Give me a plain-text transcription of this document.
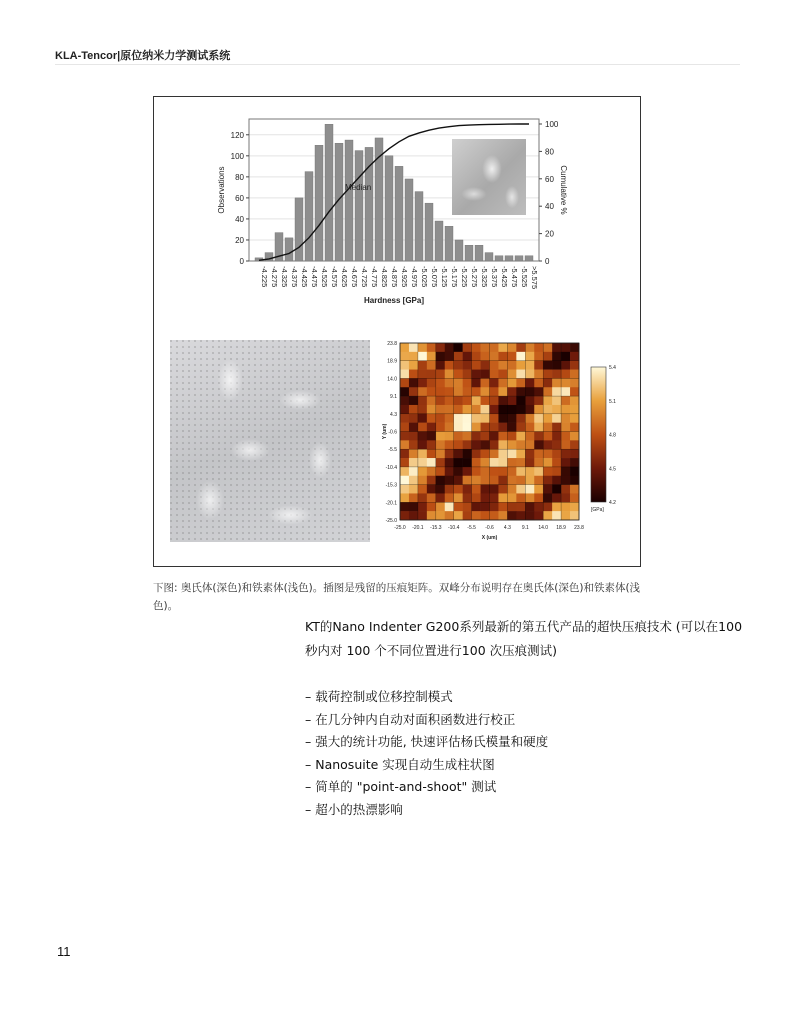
KLA-Tencor|原位纳米力学测试系统
0
20
40
60
80
100
120
0
20
40
60
80
100
-4.225 -4.275 -4.325 -4.375 -4.425 -4.475 -4.525 -4.575 -4.625 -4.675 -4.725 -4.775 -4.825 -4.875 -4.925 -4.975 -5.025 -5.075 -5.125 -5.175 -5.225 -5.275 -5.325 -5.375 -5.425 -5.475 -5.525 >5.575
Hardness [GPa]
Observations	Cumulative %
Median
-25.0 -20.1 -15.3 -10.4 -5.5 -0.6 4.3 9.1 14.0 18.9 23.8
23.8
18.9
14.0
9.1
4.3
-0.6
-5.5
-10.4
-15.3
-20.1
-25.0
X (um)
Y (um)
5.4
5.1
4.8
4.5
4.2
[GPa]
下图: 奥氏体(深色)和铁素体(浅色)。插图是残留的压痕矩阵。双峰分布说明存在奥氏体(深色)和铁素体(浅色)。
KT的Nano Indenter G200系列最新的第五代产品的超快压痕技术 (可以在100 秒内对 100 个不同位置进行100 次压痕测试)
– 载荷控制或位移控制模式
– 在几分钟内自动对面积函数进行校正
– 强大的统计功能, 快速评估杨氏模量和硬度
– Nanosuite 实现自动生成柱状图
– 简单的 "point-and-shoot" 测试
– 超小的热漂影响
11
